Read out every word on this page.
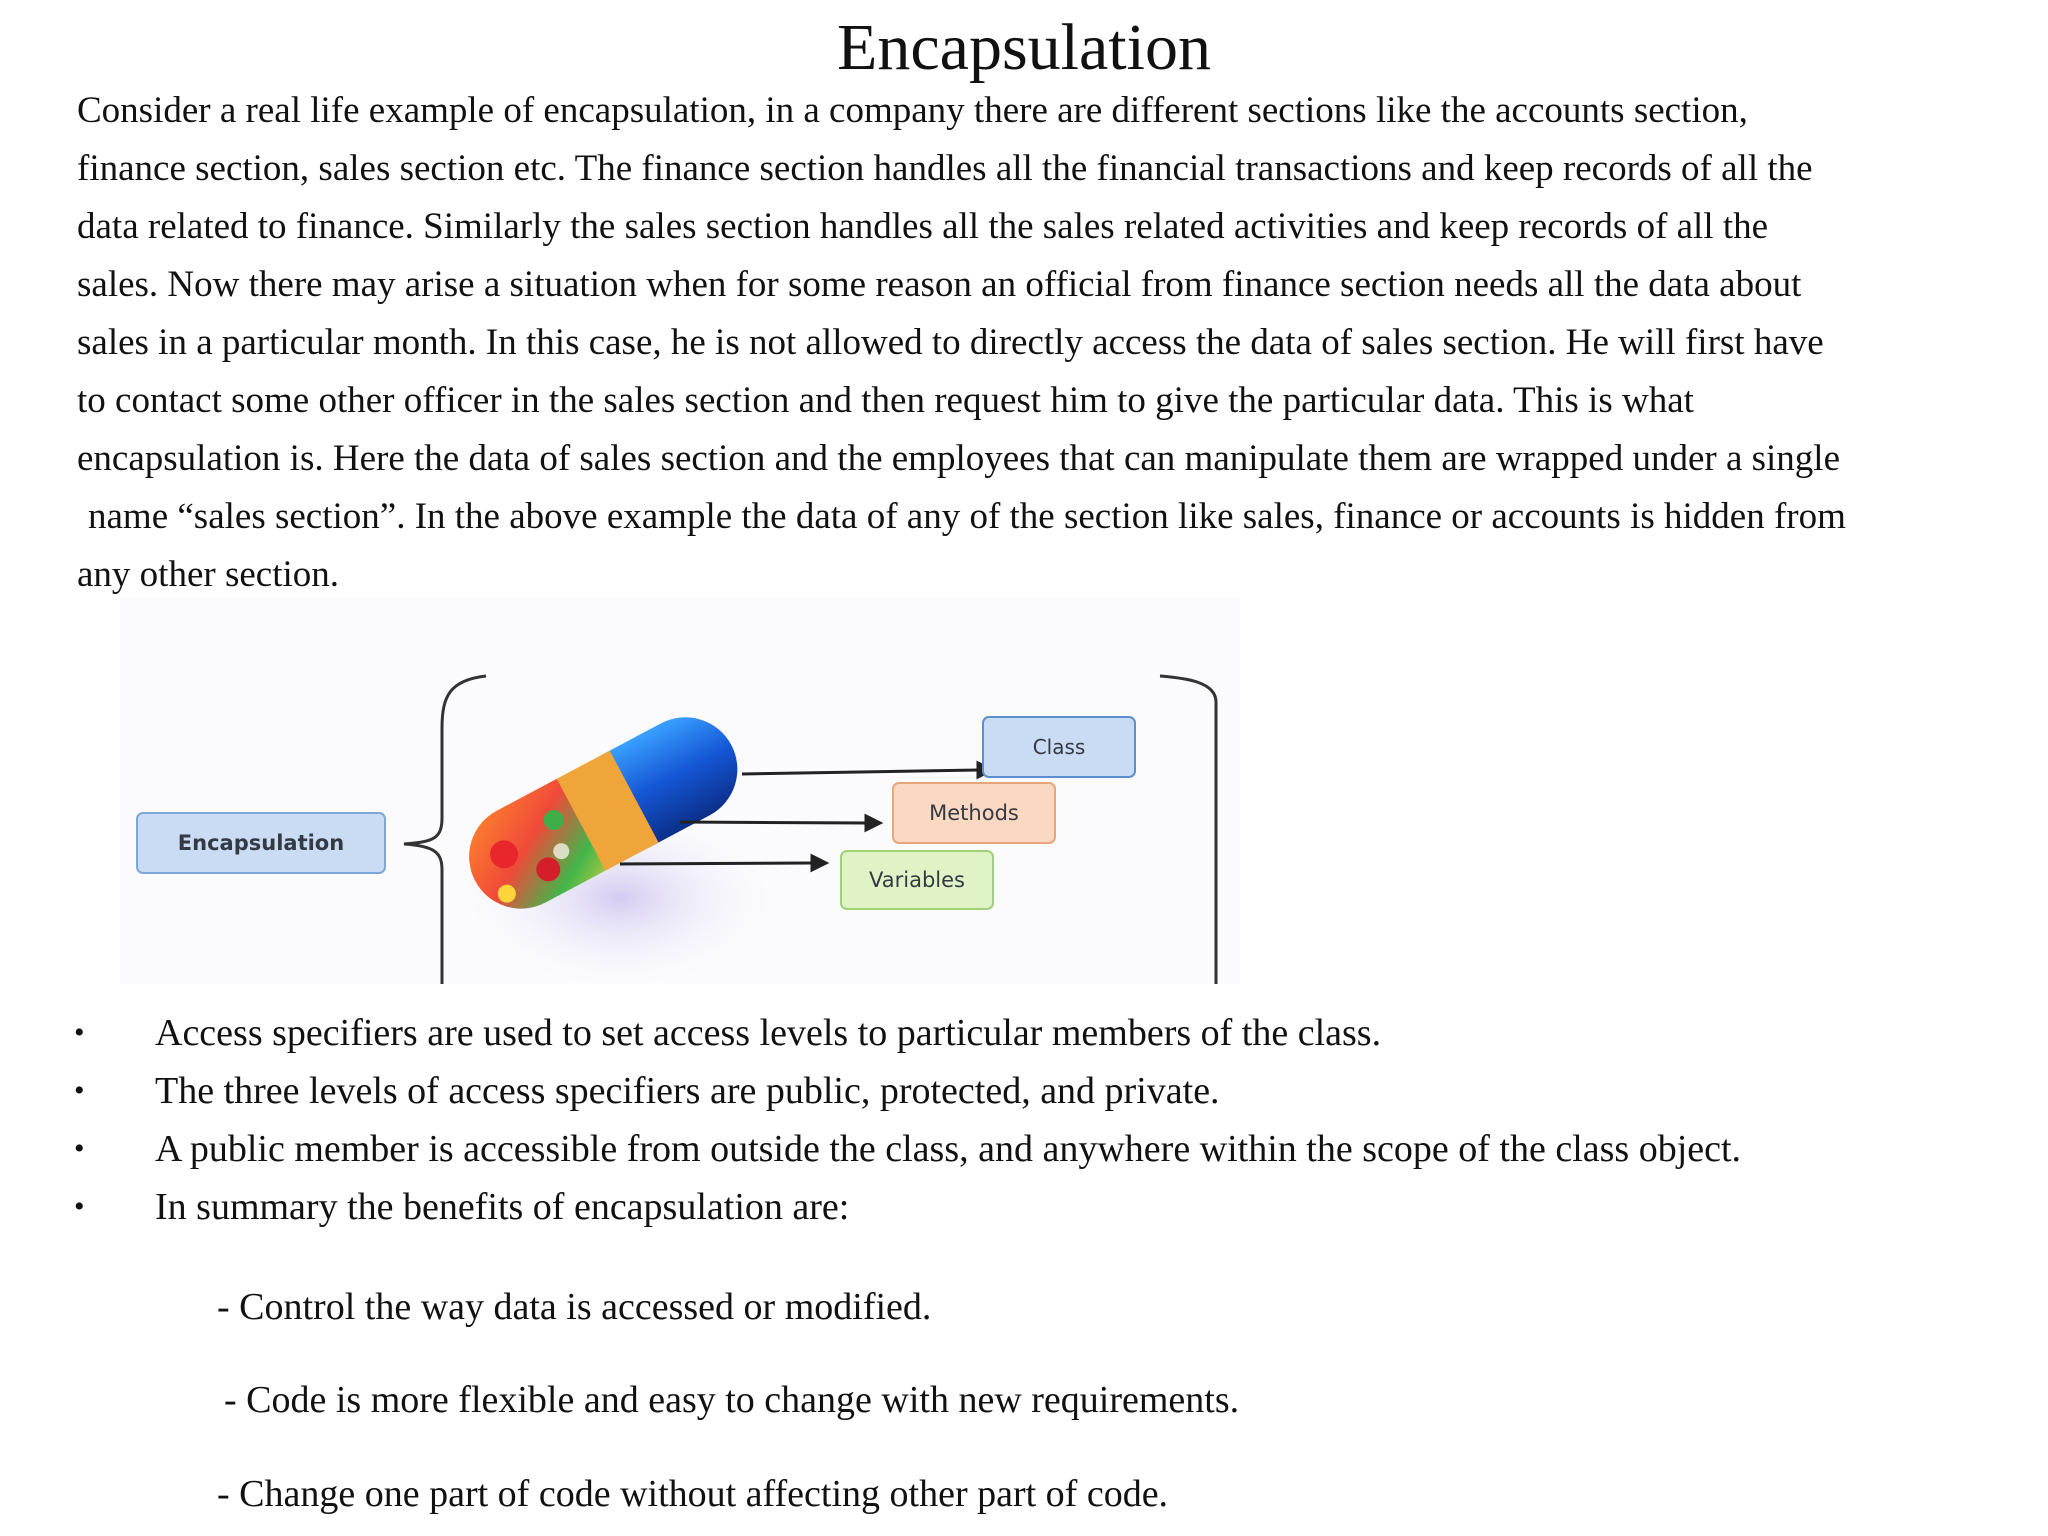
Encapsulation
Consider a real life example of encapsulation, in a company there are different sections like the accounts section,
finance section, sales section etc. The finance section handles all the financial transactions and keep records of all the
data related to finance. Similarly the sales section handles all the sales related activities and keep records of all the
sales. Now there may arise a situation when for some reason an official from finance section needs all the data about
sales in a particular month. In this case, he is not allowed to directly access the data of sales section. He will first have
to contact some other officer in the sales section and then request him to give the particular data. This is what
encapsulation is. Here the data of sales section and the employees that can manipulate them are wrapped under a single
name “sales section”. In the above example the data of any of the section like sales, finance or accounts is hidden from
any other section.
Encapsulation
Class
Methods
Variables
• Access specifiers are used to set access levels to particular members of the class.
• The three levels of access specifiers are public, protected, and private.
• A public member is accessible from outside the class, and anywhere within the scope of the class object.
• In summary the benefits of encapsulation are:
- Control the way data is accessed or modified.
- Code is more flexible and easy to change with new requirements.
- Change one part of code without affecting other part of code.
